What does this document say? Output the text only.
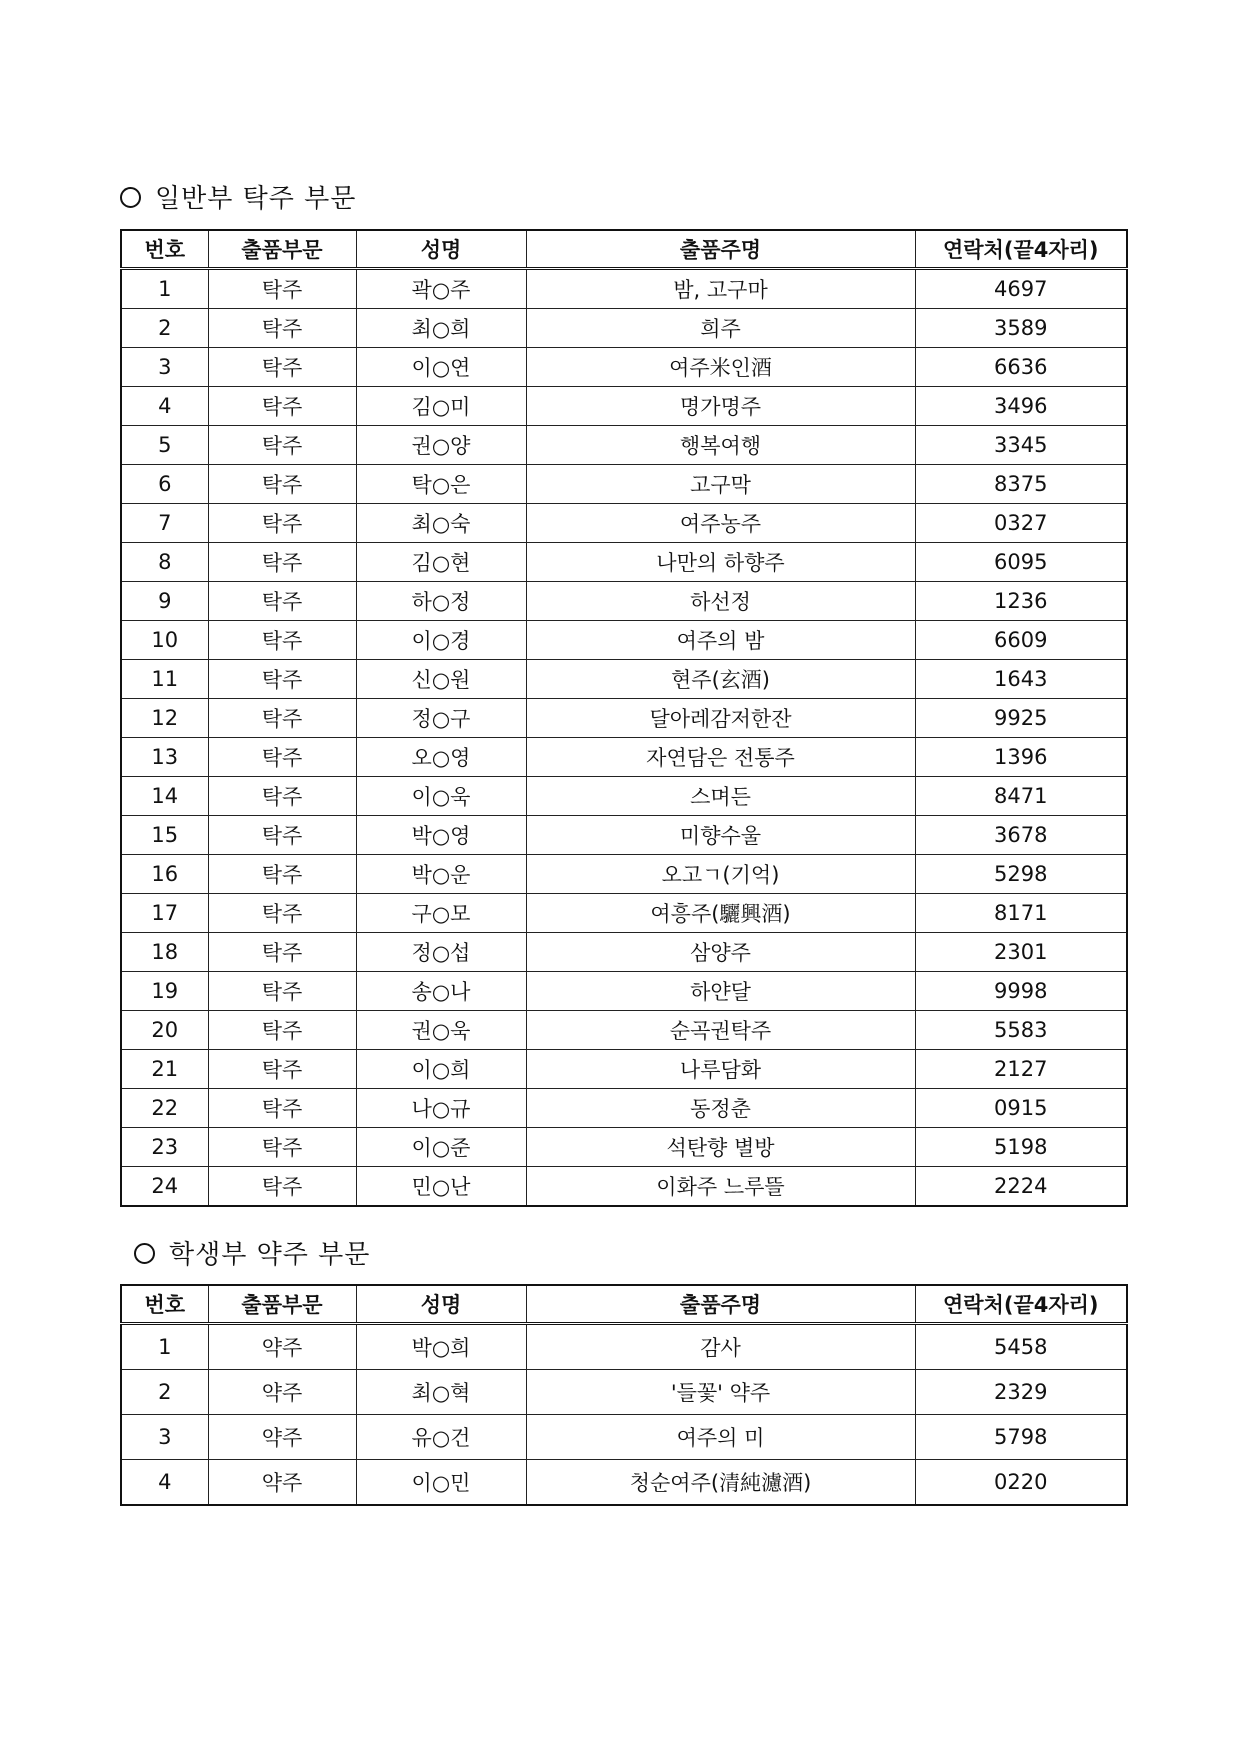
일반부 탁주 부문
번호	출품부문	성명	출품주명	연락처(끝4자리)
1	탁주	곽○주	밤, 고구마	4697
2	탁주	최○희	희주	3589
3	탁주	이○연	여주米인酒	6636
4	탁주	김○미	명가명주	3496
5	탁주	권○양	행복여행	3345
6	탁주	탁○은	고구막	8375
7	탁주	최○숙	여주농주	0327
8	탁주	김○현	나만의 하향주	6095
9	탁주	하○정	하선정	1236
10	탁주	이○경	여주의 밤	6609
11	탁주	신○원	현주(玄酒)	1643
12	탁주	정○구	달아레감저한잔	9925
13	탁주	오○영	자연담은 전통주	1396
14	탁주	이○욱	스며든	8471
15	탁주	박○영	미향수울	3678
16	탁주	박○운	오고ㄱ(기억)	5298
17	탁주	구○모	여흥주(驪興酒)	8171
18	탁주	정○섭	삼양주	2301
19	탁주	송○나	하얀달	9998
20	탁주	권○욱	순곡권탁주	5583
21	탁주	이○희	나루담화	2127
22	탁주	나○규	동정춘	0915
23	탁주	이○준	석탄향 별방	5198
24	탁주	민○난	이화주 느루뜰	2224
학생부 약주 부문
번호	출품부문	성명	출품주명	연락처(끝4자리)
1	약주	박○희	감사	5458
2	약주	최○혁	'들꽃' 약주	2329
3	약주	유○건	여주의 미	5798
4	약주	이○민	청순여주(清純濾酒)	0220
